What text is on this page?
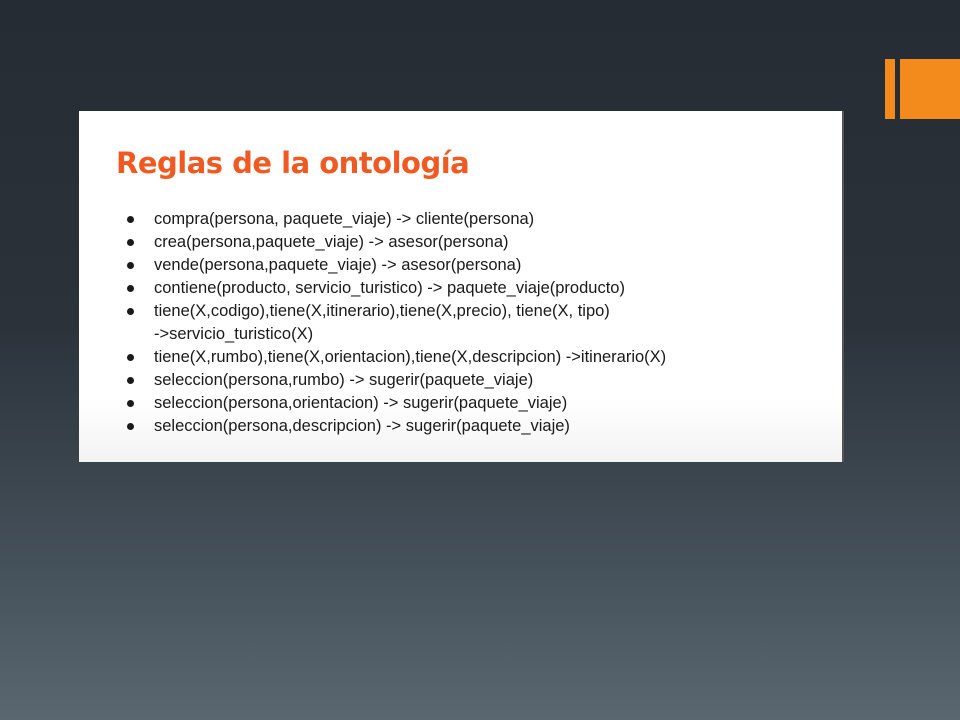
Reglas de la ontología
compra(persona, paquete_viaje) -> cliente(persona)
crea(persona,paquete_viaje) -> asesor(persona)
vende(persona,paquete_viaje) -> asesor(persona)
contiene(producto, servicio_turistico) -> paquete_viaje(producto)
tiene(X,codigo),tiene(X,itinerario),tiene(X,precio), tiene(X, tipo)
->servicio_turistico(X)
tiene(X,rumbo),tiene(X,orientacion),tiene(X,descripcion) ->itinerario(X)
seleccion(persona,rumbo) -> sugerir(paquete_viaje)
seleccion(persona,orientacion) -> sugerir(paquete_viaje)
seleccion(persona,descripcion) -> sugerir(paquete_viaje)
